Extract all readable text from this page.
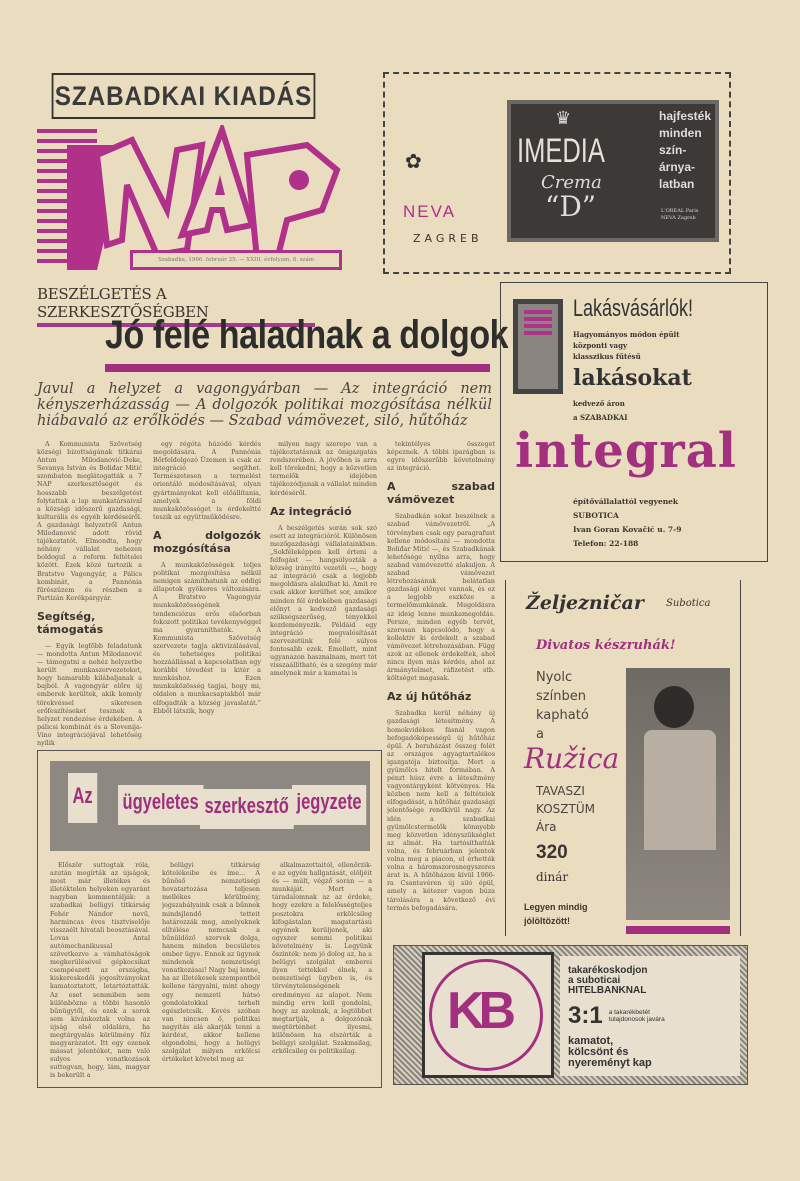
SZABADKAI KIADÁS
Szabadka, 1966. február 25. — XXIII. évfolyam, 8. szám
✿
NEVA
ZAGREB
♛
IMEDIA
Crema
“D”
hajfesték
minden
szín-
árnya-
latban
L'ORÉAL Paris
NEVA Zagreb
BESZÉLGETÉS A SZERKESZTŐSÉGBEN
Jó felé haladnak a dolgok
Javul a helyzet a vagongyárban — Az integráció nem kényszerházasság — A dolgozók politikai mozgósítása nélkül hiábavaló az erőlködés — Szabad vámövezet, siló, hűtőház

A Kommunista Szövetség községi bizottságának titkárai Antun Milodanović-Deke, Sevanya István és Boliđar Mitić szombaton meglátogatták a 7 NAP szerkesztőségét és hosszabb beszélgetést folytattak a lap munkatársaival a községi időszerű gazdasági, kulturális és egyéb kérdéseiről. A gazdasági helyzetről Antun Milodanović adott rövid tájékoztatót. Elmondta, hogy néhány vállalat nehezen boldogul a reform feltételei között. Ezek közé tartozik a Bratstvo Vagongyár, a Pálics kombinát, a Pannónia fűrészüzem és részben a Partizán Kerékpárgyár.

Segítség, támogatás

— Egyik legfőbb feladatunk — mondotta Antun Milodanović — támogatni a nehéz helyzetbe került munkaszervezeteket, hogy hamarabb kilábaljanak a bajból. A vagongyár előre új emberek kerültek, akik komoly törekvéssel sikeresen erőfeszítéseket tesznek a helyzet rendezése érdekében. A pálicsi kombinát és a Slovenija-Vino integrációjával lehetőség nyílik

egy régóta húzódó kérdés megoldására. A Pannónia Bőrfeldolgozó Üzemen is csak az integráció segíthet. Természetesen a termelést orientáló módosításával, olyan gyártmányokat kell előállítania, amelyek a földi munkaközösséget is érdekeltté teszik az együttműködésre.

A dolgozók mozgósítása

A munkaközösségek teljes politikai mozgósítása nélkül nemigen számíthatunk az eddigi állapotok gyökeres változására. A Bratstvo Vagongyár munkaközösségének tendenciózus erős elsőorban fokozott politikai tevékenységgel ma gyaraníthatók. A Kommunista Szövetség szervezete tagja aktivizálásával, és tehetséges politikai hozzáállással a kapcsolatban egy korábbi tévedést is kitér a munkáshoz. Ezen munkaközösség tagjai, hogy mi, oldalon a munkacsaptakból már elfogadták a község javaslatát.” Ebből látszik, hogy

milyen nagy szerepe van a tájékoztatásnak az önigazgatás rendszerében. A jövőben is arra kell törekedni, hogy a közvetlen termelők idejében tájékozódjanak a vállalat minden kérdéséről.

Az integráció

A beszélgetés során sok szó esett az integrációról. Különösen mezőgazdasági vállalatainkban. „Sokféleképpen kell érteni a felfogást — hangsúlyozták a község irányító vezetői —, hogy az integráció csak a legjobb megoldásra alakulhat ki. Amit re csak akkor kerülhet sor, amikor minden fél érdekében gazdasági előnyt a kedvező gazdasági szükségszerűség, tényekkel kezdeményezik. Példáid egy integráció megvalósítását szervezetünk felé súlyos fontosabb ezek. Emellett, mint ugyanazon hasznalnam, mert tót visszaállítható, és a szegény már amelynek már a kamatai is

tekintélyes összeget képeznek. A többi iparágban is egyre időszerűbb követelmény az integráció.

A szabad vámövezet

Szabadkán sokat beszélnek a szabad vámövezetről. „A törvényben csak egy paragrafust kellene módosítani — mondotta Boliđar Mitić —, és Szabadkának lehetősége nyílna arra, hogy szabad vámövezetté alakuljon. A szabad vámövezet létrehozásának belátatlan gazdasági előnyei vannak, és ez a legjobb eszköze a termelőmunkának. Megoldásra az ideig lenne munkamegoldás. Persze, minden egyéb tervét, szorosan kapcsolódó, hogy a kollektív ki érdekelt a szabad vámövezet létrehozásában. Függ azok az ellenek érdekeltek, ahol nincs ilyen más kérdés, ahol az ármánytelmet, ráfizetést stb. költséget magasak.

Az új hűtőház

Szabadka kerül néhány új gazdasági létesítmény. A homokvidéken fásnál vagon befogadóképességű új hűtőház épül. A beruházást összeg felét az országos agyagtartalékos igazgatója biztosítja. Mert a gyümölcs hitelt formában. A pénzt húsz évre a létesítmény vagyontárgyként kötvényes. Ha közben nem kell a feltételek elfogadását, a hűtőház gazdasági jelentősége rendkívül nagy. Az idén a szabadkai gyümölcstermelők könnyebb meg közvetlen idényszükséglet az almát. Ha tartósíthatták volna, és februárban jelentek volna meg a piacon, el érhették volna a háromszorosnegyszeres árat is. A hűtőházon kívül 1966-ra Csantavéren új siló épül, amely a kétezer vagon búza tárolására a következő évi termés befogadására.

Az ügyeletes szerkesztő jegyzete

Először suttogtak róla, azután megírták az újságok, most már illetékes és illetéktelen helyeken egyaránt nagyban kommentálják: a szabadkai belügyi titkárság Fehér Nándor nevű, harmincas éves tisztviselője visszaélt hivatali beosztásával. Lovas Antal autómechanikussal szövetkezve a vámhatóságok megkerülésével gépkocsikat csempészett az országba, kiskereskedői jogosítványokat kamatoztatott, letartóztatták. Az eset semmiben sem különbözne a többi hasonló bűnügytől, és ezek a sorok sem kívánkoztak volna az újság első oldalára, ha megtárgyalás körülmény fűz magyarázatot. Itt egy ezenek mássat jelentéket, nem való sulyos vonatkozások suttogvan, hogy, lám, magyar is bekerült a

belügyi titkárság kötelékeibe és íme... A bűnöső nemzetiségi hovatartozása teljesen mellékes körülmény, jogszabályaink csak a bűnnek mindsjlendő tetteit határozzák meg, amelyeknek elítélése nemcsak a bűnüldöző szervek dolga, hanem minden becsületes ember ügye. Ennek az ügynek mindenek nemzetiségi vonatkozásai! Nagy baj lenne, ha az illetékesek szempontból kellene tárgyalni, mint ahogy egy nemzeti hátsó gondolatokkal terhelt egészletcsík. Kevés szóban van nincsen ő, politikai nagyítás alá akarják tenni a kérdést, akkor kellene elgondolni, hogy a belügyi szolgálat milyen erkölcsi értékeket követel meg az

alkalmazottaitól, ellenőrzik-e az egyén hallgatását, elöljéit és — múlt, végző során — a munkáját. Mert a táradalomnak az az érdeke, hogy ezekre a felelősségteljes posztokra erkölcsileg kifogástalan magatartású egyének kerüljenek, aki egyszer semmi politikai követelmény is. Legyünk őszinték: nem jó dolog az, ha a belügyi szolgálat emberei ilyen tettekkel élnek, a nemzetiségi ügyben is, és törvénytelenségének eredményei az alapot. Nem mindig erre kell gondolni, hogy az azoknak, a legtöbbet megtartják, a dolgozónak megtörténhet ilyesmi, különösen ha elszórták a belügyi szolgálat. Szakmailag, erkölcsileg és politikailag.

Lakásvásárlók!
Hagyományos módon épült
központi vagy
klasszikus fűtésű
lakásokat
kedvező áron
a SZABADKAI
integral
építővállalattól vegyenek
SUBOTICA
Ivan Goran Kovačić u. 7-9
Telefon: 22-188
Željezničar Subotica
Divatos készruhák!
Nyolc
színben
kapható
a
Ružica
TAVASZI
KOSZTÜM
Ára
320
dinár
Legyen mindig
jólöltözött!
KB
takarékoskodjon
a suboticai
HITELBANKNAL
3:1 a takarékbetét
tulajdonosok javára
kamatot,
kölcsönt és
nyereményt kap
